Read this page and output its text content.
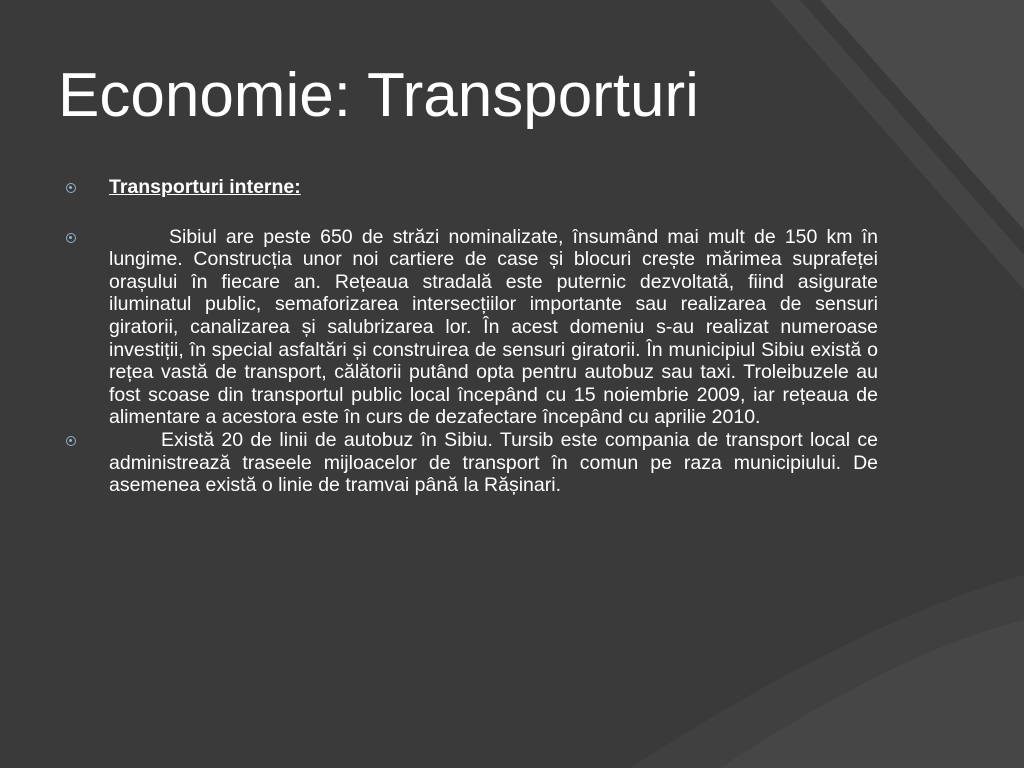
Economie: Transporturi
Transporturi interne:
Sibiul are peste 650 de străzi nominalizate, însumând mai mult de 150 km în lungime. Construcția unor noi cartiere de case și blocuri crește mărimea suprafeței orașului în fiecare an. Rețeaua stradală este puternic dezvoltată, fiind asigurate iluminatul public, semaforizarea intersecțiilor importante sau realizarea de sensuri giratorii, canalizarea și salubrizarea lor. În acest domeniu s-au realizat numeroase investiții, în special asfaltări și construirea de sensuri giratorii. În municipiul Sibiu există o rețea vastă de transport, călătorii putând opta pentru autobuz sau taxi. Troleibuzele au fost scoase din transportul public local începând cu 15 noiembrie 2009, iar rețeaua de alimentare a acestora este în curs de dezafectare începând cu aprilie 2010.
Există 20 de linii de autobuz în Sibiu. Tursib este compania de transport local ce administrează traseele mijloacelor de transport în comun pe raza municipiului. De asemenea există o linie de tramvai până la Rășinari.
